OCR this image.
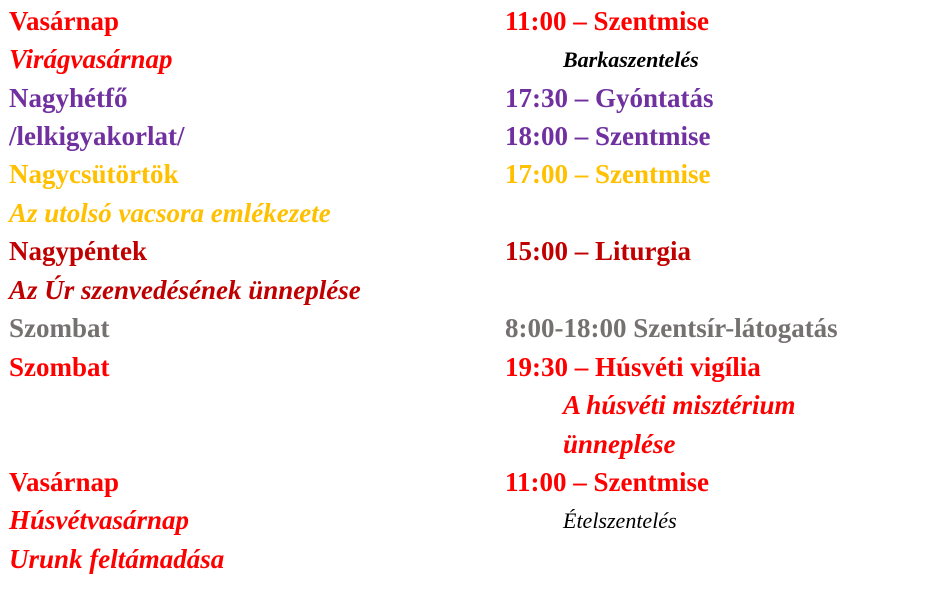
Vasárnap
Virágvasárnap
Nagyhétfő
/lelkigyakorlat/
Nagycsütörtök
Az utolsó vacsora emlékezete
Nagypéntek
Az Úr szenvedésének ünneplése
Szombat
Szombat
Vasárnap
Húsvétvasárnap
Urunk feltámadása
11:00 – Szentmise
Barkaszentelés
17:30 – Gyóntatás
18:00 – Szentmise
17:00 – Szentmise
15:00 – Liturgia
8:00-18:00 Szentsír-látogatás
19:30 – Húsvéti vigília
A húsvéti misztérium
ünneplése
11:00 – Szentmise
Ételszentelés
